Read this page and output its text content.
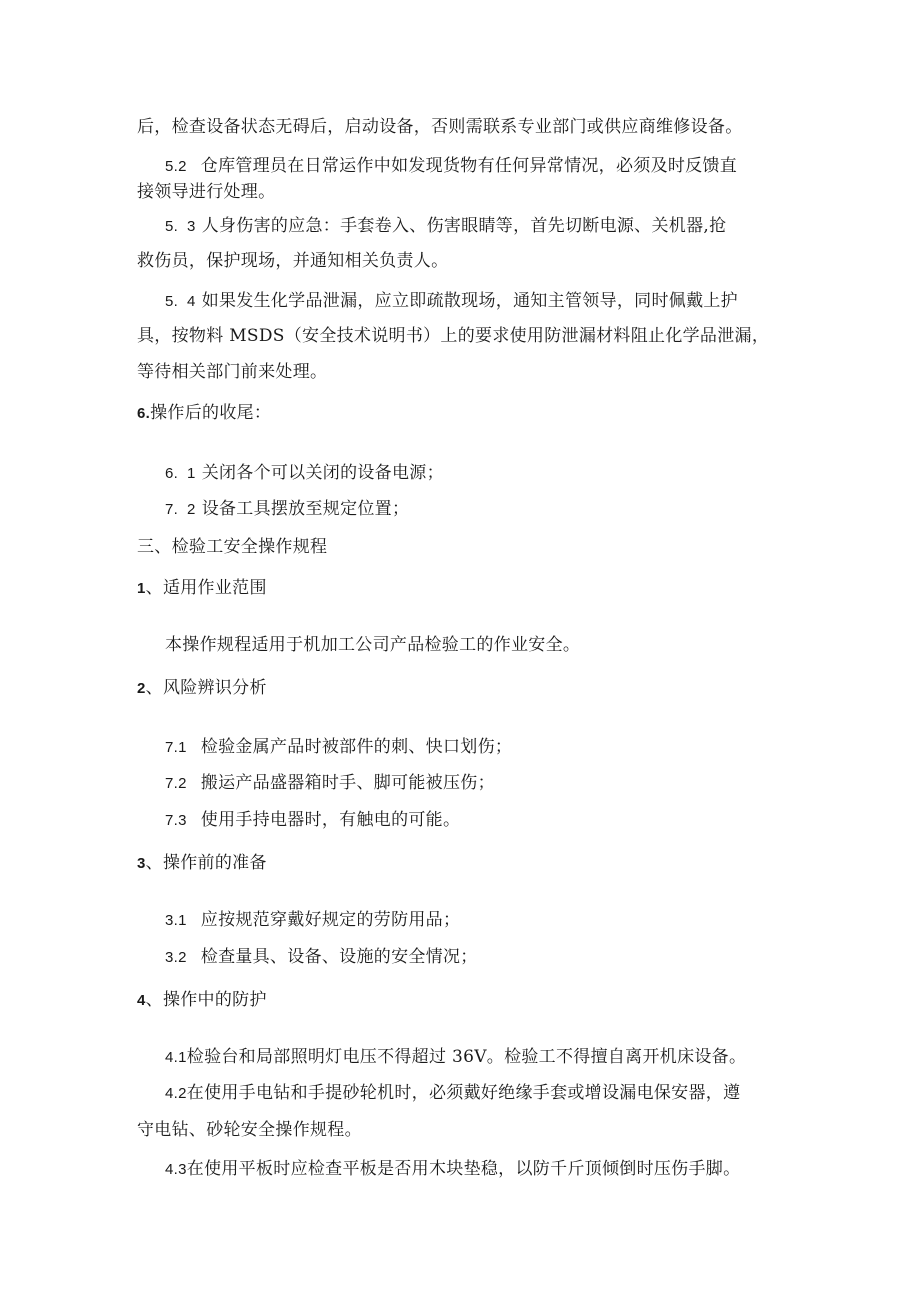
后，检查设备状态无碍后，启动设备，否则需联系专业部门或供应商维修设备。
5.2 仓库管理员在日常运作中如发现货物有任何异常情况，必须及时反馈直
接领导进行处理。
5.  3 人身伤害的应急：手套卷入、伤害眼睛等，首先切断电源、关机器,抢
救伤员，保护现场，并通知相关负责人。
5.  4 如果发生化学品泄漏，应立即疏散现场，通知主管领导，同时佩戴上护
具，按物料 MSDS（安全技术说明书）上的要求使用防泄漏材料阻止化学品泄漏，
等待相关部门前来处理。
6.操作后的收尾：
6.  1 关闭各个可以关闭的设备电源；
7.  2 设备工具摆放至规定位置；
三、检验工安全操作规程
1、适用作业范围
本操作规程适用于机加工公司产品检验工的作业安全。
2、风险辨识分析
7.1 检验金属产品时被部件的刺、快口划伤；
7.2 搬运产品盛器箱时手、脚可能被压伤；
7.3 使用手持电器时，有触电的可能。
3、操作前的准备
3.1 应按规范穿戴好规定的劳防用品；
3.2 检查量具、设备、设施的安全情况；
4、操作中的防护
4.1检验台和局部照明灯电压不得超过 36V。检验工不得擅自离开机床设备。
4.2在使用手电钻和手提砂轮机时，必须戴好绝缘手套或增设漏电保安器，遵
守电钻、砂轮安全操作规程。
4.3在使用平板时应检查平板是否用木块垫稳，以防千斤顶倾倒时压伤手脚。
